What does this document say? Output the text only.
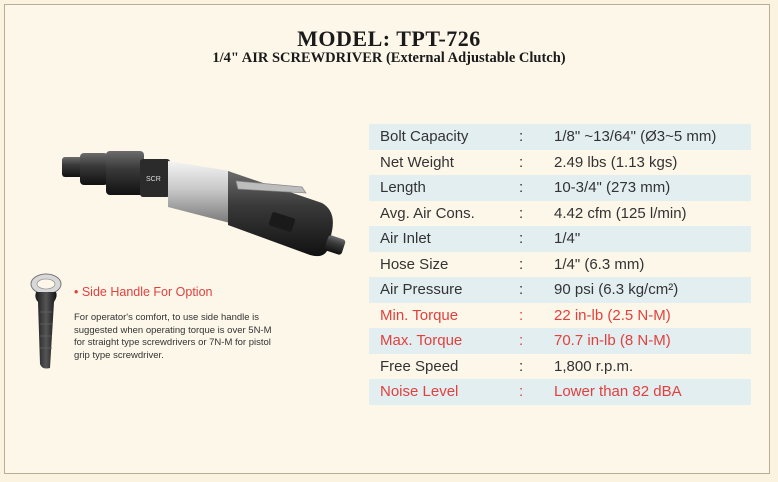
MODEL: TPT-726
1/4" AIR SCREWDRIVER (External Adjustable Clutch)
SCR
• Side Handle For Option
For operator's comfort, to use side handle is suggested when operating torque is over 5N-M for straight type screwdrivers or 7N-M for pistol grip type screwdriver.
Bolt Capacity	: 1/8" ~13/64" (Ø3~5 mm)
Net Weight	: 2.49 lbs (1.13 kgs)
Length	: 10-3/4" (273 mm)
Avg. Air Cons.	: 4.42 cfm (125 l/min)
Air Inlet	: 1/4"
Hose Size	: 1/4" (6.3 mm)
Air Pressure	: 90 psi (6.3 kg/cm²)
Min. Torque	: 22 in-lb (2.5 N-M)
Max. Torque	: 70.7 in-lb (8 N-M)
Free Speed	: 1,800 r.p.m.
Noise Level	: Lower than 82 dBA
